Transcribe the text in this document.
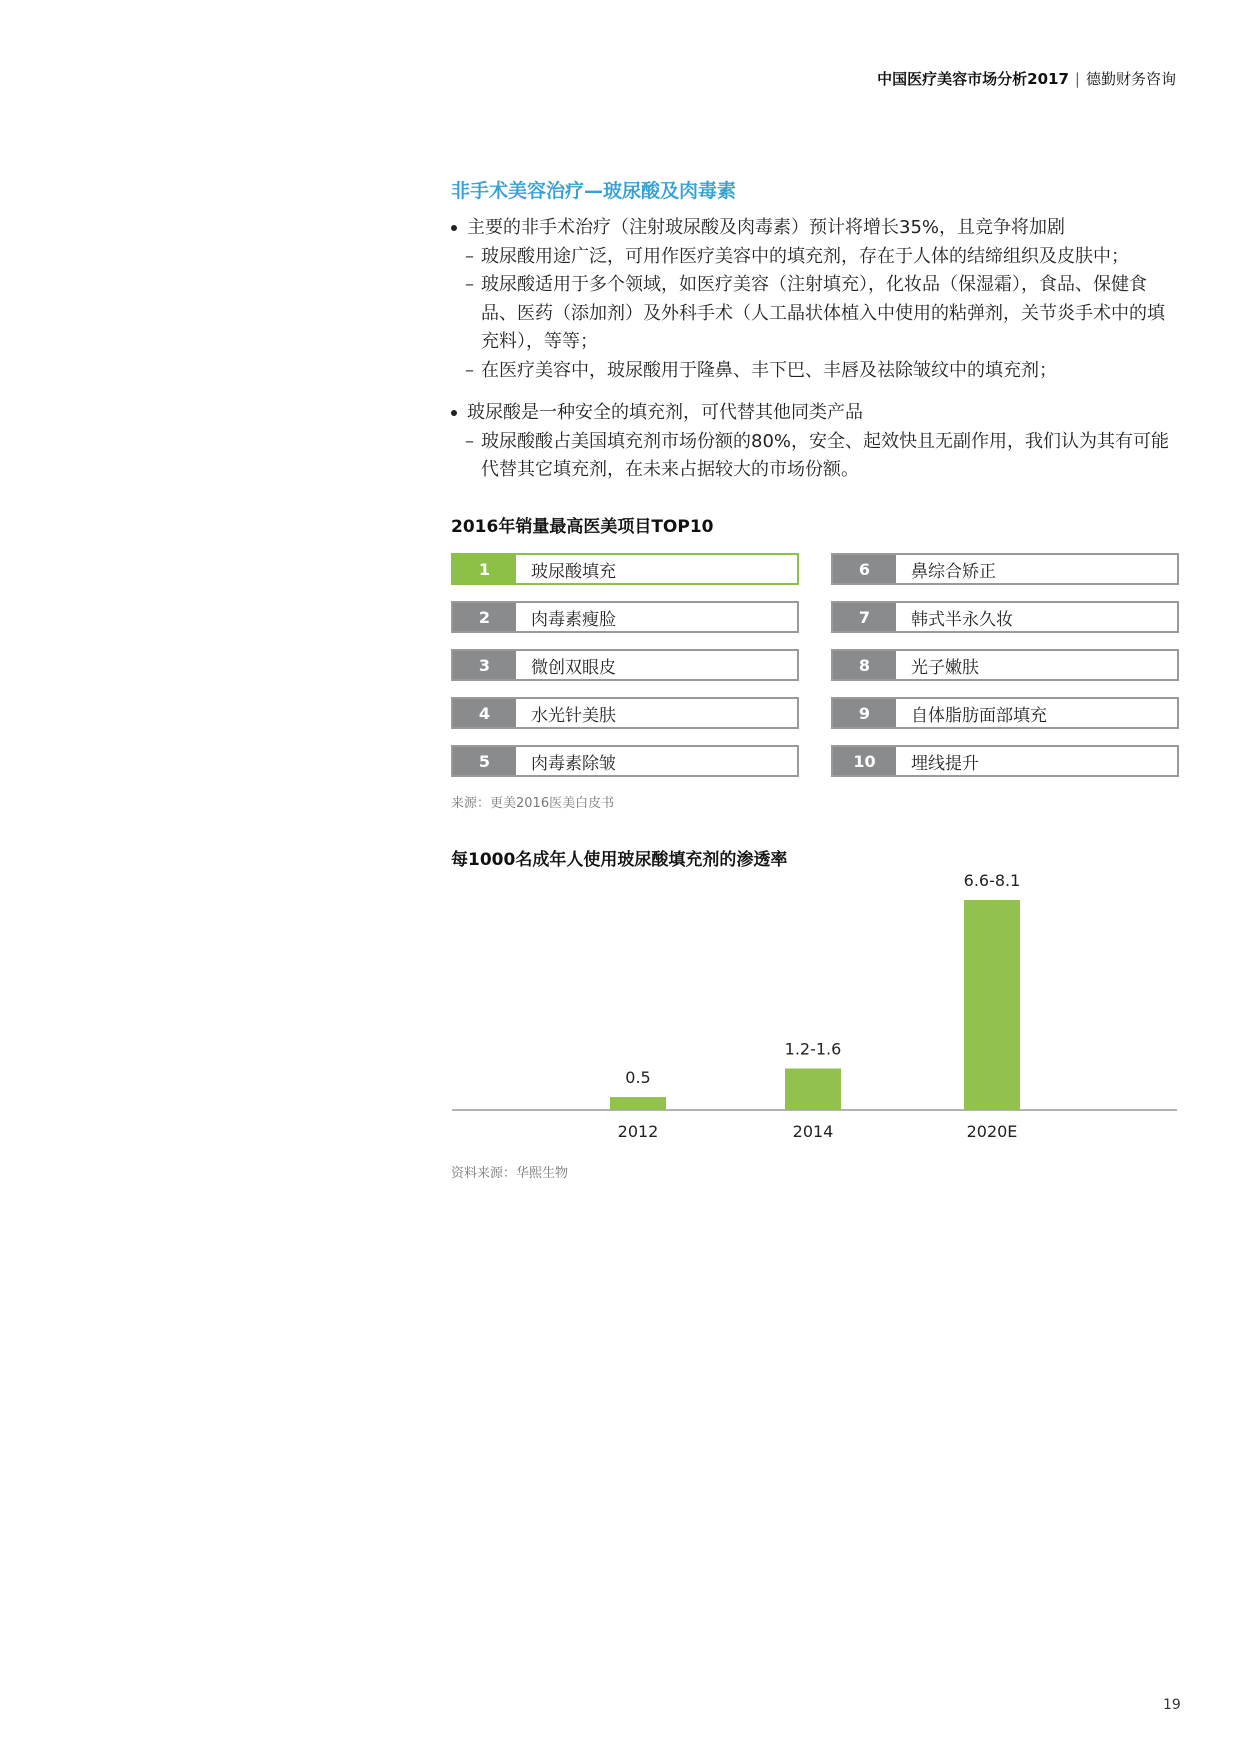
中国医疗美容市场分析2017 | 德勤财务咨询
非手术美容治疗—玻尿酸及肉毒素
主要的非手术治疗（注射玻尿酸及肉毒素）预计将增长35%，且竞争将加剧
– 玻尿酸用途广泛，可用作医疗美容中的填充剂，存在于人体的结缔组织及皮肤中；
– 玻尿酸适用于多个领域，如医疗美容（注射填充），化妆品（保湿霜），食品、保健食品、医药（添加剂）及外科手术（人工晶状体植入中使用的粘弹剂，关节炎手术中的填充料），等等；
– 在医疗美容中，玻尿酸用于隆鼻、丰下巴、丰唇及祛除皱纹中的填充剂；
玻尿酸是一种安全的填充剂，可代替其他同类产品
– 玻尿酸酸占美国填充剂市场份额的80%，安全、起效快且无副作用，我们认为其有可能代替其它填充剂，在未来占据较大的市场份额。
2016年销量最高医美项目TOP10
1	玻尿酸填充
2	肉毒素瘦脸
3	微创双眼皮
4	水光针美肤
5	肉毒素除皱
6	鼻综合矫正
7	韩式半永久妆
8	光子嫩肤
9	自体脂肪面部填充
10	埋线提升
来源：更美2016医美白皮书
每1000名成年人使用玻尿酸填充剂的渗透率
0.5
2012
1.2-1.6
2014
6.6-8.1
2020E
资料来源：华熙生物
19
